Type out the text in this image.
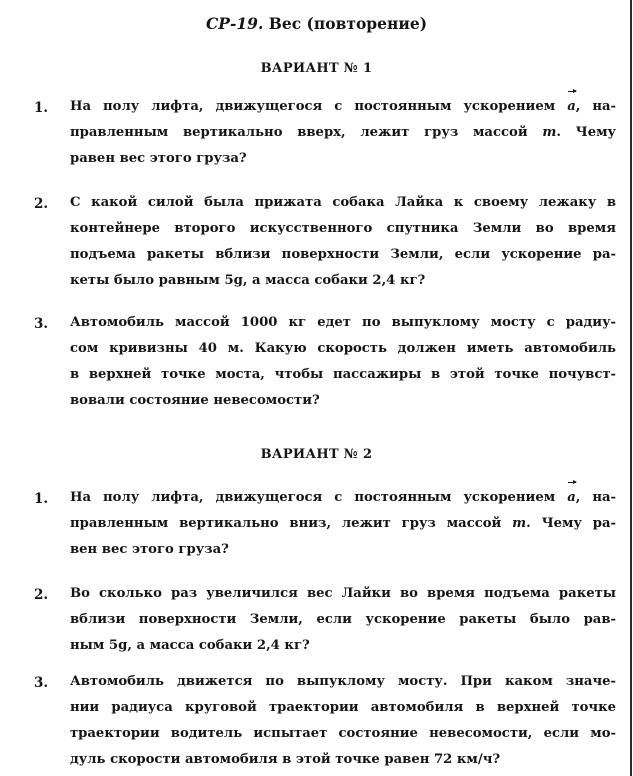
СР-19. Вес (повторение)
ВАРИАНТ № 1
1. На полу лифта, движущегося с постоянным ускорением a, на-
правленным вертикально вверх, лежит груз массой m. Чему
равен вес этого груза?
2. С какой силой была прижата собака Лайка к своему лежаку в
контейнере второго искусственного спутника Земли во время
подъема ракеты вблизи поверхности Земли, если ускорение ра-
кеты было равным 5g, а масса собаки 2,4 кг?
3. Автомобиль массой 1000 кг едет по выпуклому мосту с радиу-
сом кривизны 40 м. Какую скорость должен иметь автомобиль
в верхней точке моста, чтобы пассажиры в этой точке почувст-
вовали состояние невесомости?
ВАРИАНТ № 2
1. На полу лифта, движущегося с постоянным ускорением a, на-
правленным вертикально вниз, лежит груз массой m. Чему ра-
вен вес этого груза?
2. Во сколько раз увеличился вес Лайки во время подъема ракеты
вблизи поверхности Земли, если ускорение ракеты было рав-
ным 5g, а масса собаки 2,4 кг?
3. Автомобиль движется по выпуклому мосту. При каком значе-
нии радиуса круговой траектории автомобиля в верхней точке
траектории водитель испытает состояние невесомости, если мо-
дуль скорости автомобиля в этой точке равен 72 км/ч?
